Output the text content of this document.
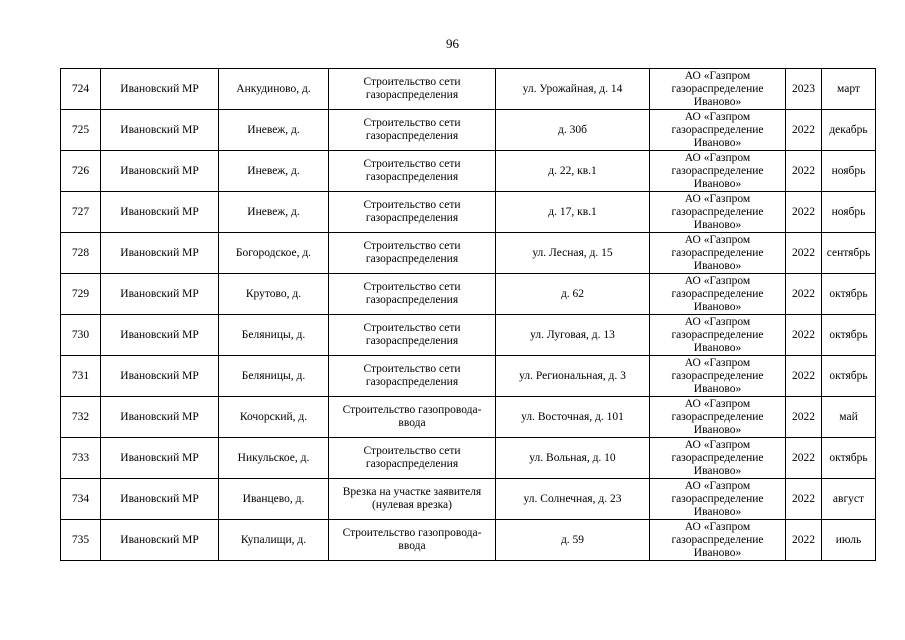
96
724	Ивановский МР	Анкудиново, д.	Строительство сети
газораспределения	ул. Урожайная, д. 14	АО «Газпром
газораспределение
Иваново»	2023	март
725	Ивановский МР	Иневеж, д.	Строительство сети
газораспределения	д. 30б	АО «Газпром
газораспределение
Иваново»	2022	декабрь
726	Ивановский МР	Иневеж, д.	Строительство сети
газораспределения	д. 22, кв.1	АО «Газпром
газораспределение
Иваново»	2022	ноябрь
727	Ивановский МР	Иневеж, д.	Строительство сети
газораспределения	д. 17, кв.1	АО «Газпром
газораспределение
Иваново»	2022	ноябрь
728	Ивановский МР	Богородское, д.	Строительство сети
газораспределения	ул. Лесная, д. 15	АО «Газпром
газораспределение
Иваново»	2022	сентябрь
729	Ивановский МР	Крутово, д.	Строительство сети
газораспределения	д. 62	АО «Газпром
газораспределение
Иваново»	2022	октябрь
730	Ивановский МР	Беляницы, д.	Строительство сети
газораспределения	ул. Луговая, д. 13	АО «Газпром
газораспределение
Иваново»	2022	октябрь
731	Ивановский МР	Беляницы, д.	Строительство сети
газораспределения	ул. Региональная, д. 3	АО «Газпром
газораспределение
Иваново»	2022	октябрь
732	Ивановский МР	Кочорский, д.	Строительство газопровода-
ввода	ул. Восточная, д. 101	АО «Газпром
газораспределение
Иваново»	2022	май
733	Ивановский МР	Никульское, д.	Строительство сети
газораспределения	ул. Вольная, д. 10	АО «Газпром
газораспределение
Иваново»	2022	октябрь
734	Ивановский МР	Иванцево, д.	Врезка на участке заявителя
(нулевая врезка)	ул. Солнечная, д. 23	АО «Газпром
газораспределение
Иваново»	2022	август
735	Ивановский МР	Купалищи, д.	Строительство газопровода-
ввода	д. 59	АО «Газпром
газораспределение
Иваново»	2022	июль
